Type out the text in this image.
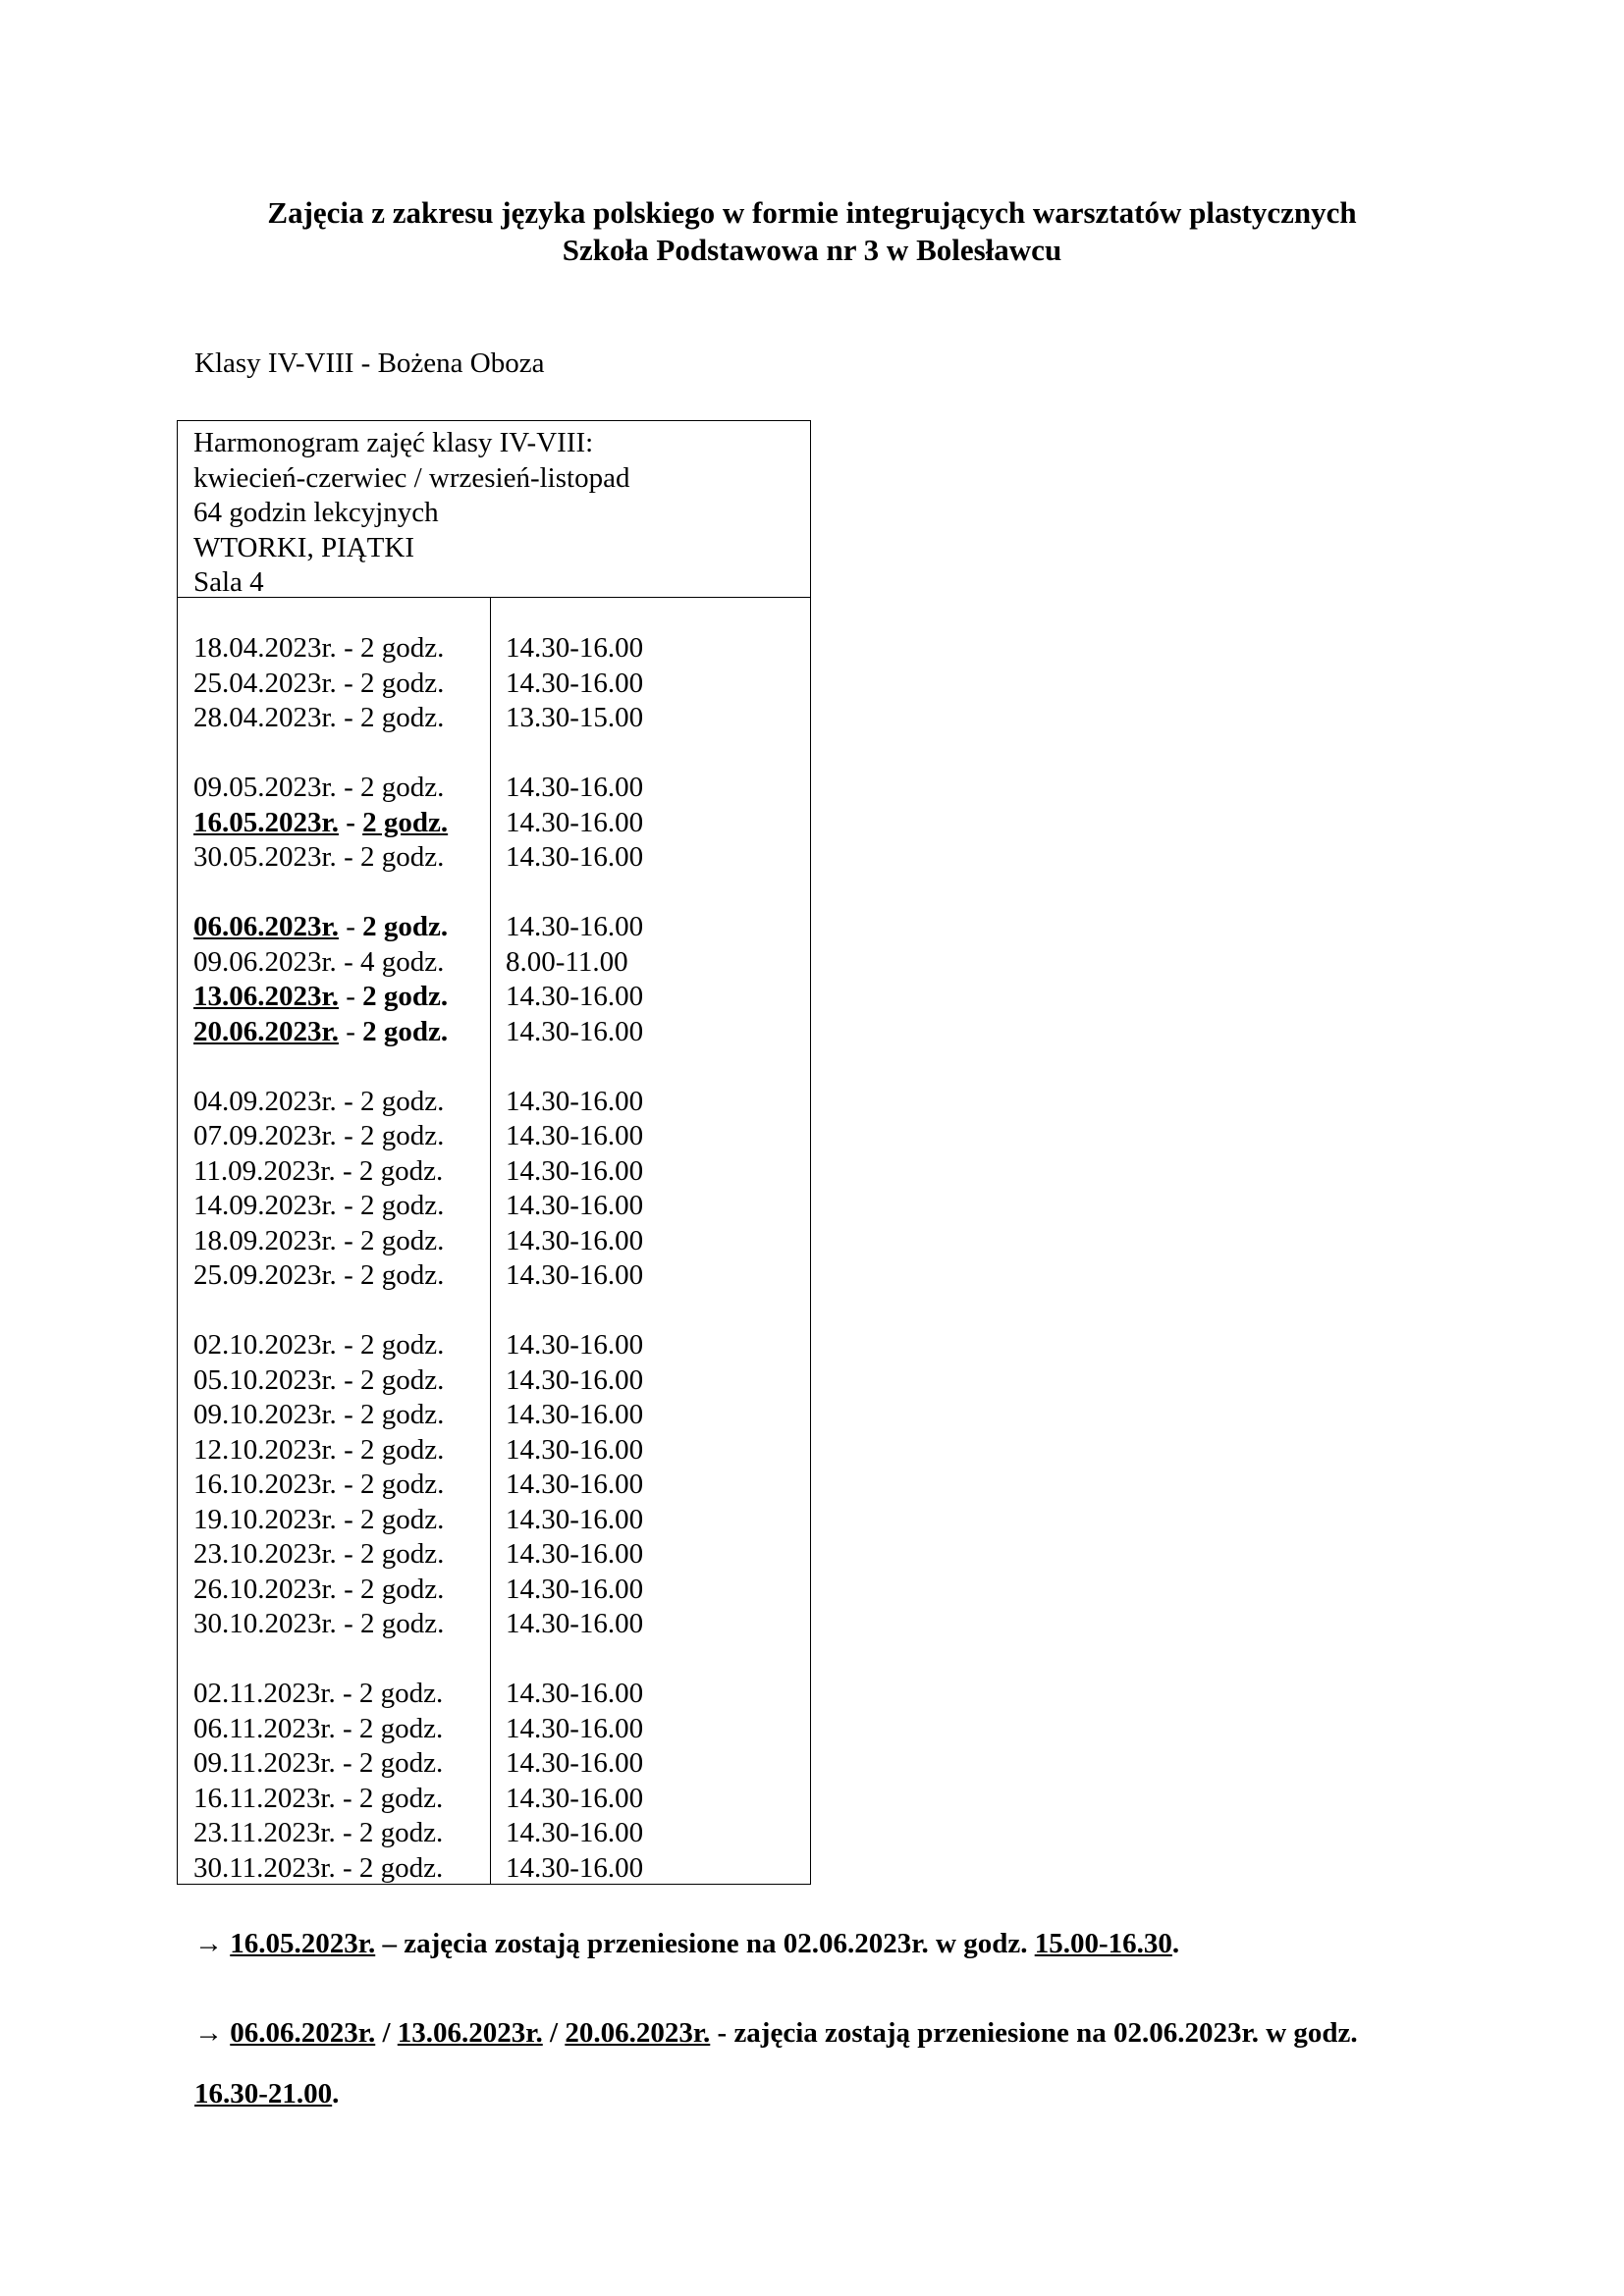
Zajęcia z zakresu języka polskiego w formie integrujących warsztatów plastycznych
Szkoła Podstawowa nr 3 w Bolesławcu
Klasy IV-VIII - Bożena Oboza
Harmonogram zajęć klasy IV-VIII:
kwiecień-czerwiec / wrzesień-listopad
64 godzin lekcyjnych
WTORKI, PIĄTKI
Sala 4
18.04.2023r. - 2 godz.
25.04.2023r. - 2 godz.
28.04.2023r. - 2 godz.
09.05.2023r. - 2 godz.
16.05.2023r. - 2 godz.
30.05.2023r. - 2 godz.
06.06.2023r. - 2 godz.
09.06.2023r. - 4 godz.
13.06.2023r. - 2 godz.
20.06.2023r. - 2 godz.
04.09.2023r. - 2 godz.
07.09.2023r. - 2 godz.
11.09.2023r. - 2 godz.
14.09.2023r. - 2 godz.
18.09.2023r. - 2 godz.
25.09.2023r. - 2 godz.
02.10.2023r. - 2 godz.
05.10.2023r. - 2 godz.
09.10.2023r. - 2 godz.
12.10.2023r. - 2 godz.
16.10.2023r. - 2 godz.
19.10.2023r. - 2 godz.
23.10.2023r. - 2 godz.
26.10.2023r. - 2 godz.
30.10.2023r. - 2 godz.
02.11.2023r. - 2 godz.
06.11.2023r. - 2 godz.
09.11.2023r. - 2 godz.
16.11.2023r. - 2 godz.
23.11.2023r. - 2 godz.
30.11.2023r. - 2 godz.
14.30-16.00
14.30-16.00
13.30-15.00
14.30-16.00
14.30-16.00
14.30-16.00
14.30-16.00
8.00-11.00
14.30-16.00
14.30-16.00
14.30-16.00
14.30-16.00
14.30-16.00
14.30-16.00
14.30-16.00
14.30-16.00
14.30-16.00
14.30-16.00
14.30-16.00
14.30-16.00
14.30-16.00
14.30-16.00
14.30-16.00
14.30-16.00
14.30-16.00
14.30-16.00
14.30-16.00
14.30-16.00
14.30-16.00
14.30-16.00
14.30-16.00
→ 16.05.2023r. – zajęcia zostają przeniesione na 02.06.2023r. w godz. 15.00-16.30.
→ 06.06.2023r. / 13.06.2023r. / 20.06.2023r. - zajęcia zostają przeniesione na 02.06.2023r. w godz. 16.30-21.00.
